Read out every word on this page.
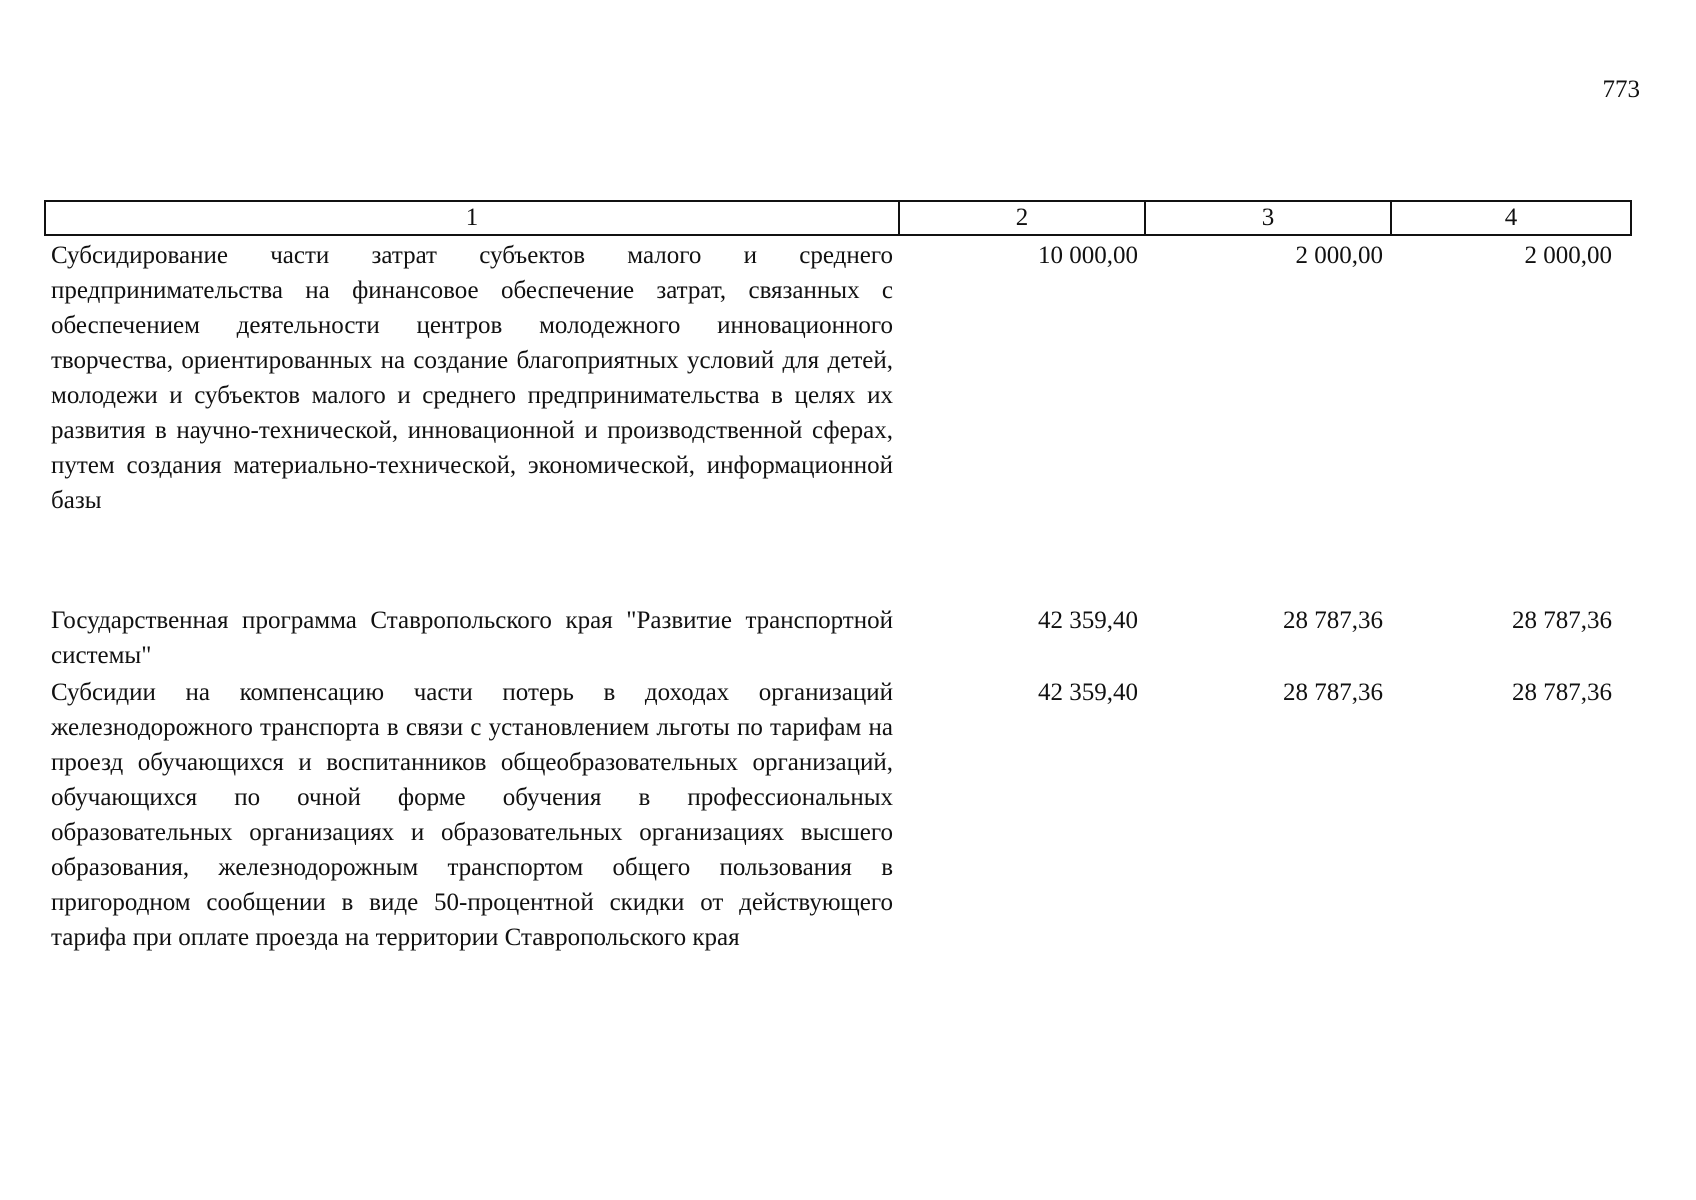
773
1	2	3	4
Субсидирование части затрат субъектов малого и среднего предпринимательства на финансовое обеспечение затрат, связанных с обеспечением деятельности центров молодежного инновационного творчества, ориентированных на создание благоприятных условий для детей, молодежи и субъектов малого и среднего предпринимательства в целях их развития в научно-технической, инновационной и производственной сферах, путем создания материально-технической, экономической, информационной базы
10 000,00	2 000,00	2 000,00
Государственная программа Ставропольского края "Развитие транспортной системы"
42 359,40	28 787,36	28 787,36
Субсидии на компенсацию части потерь в доходах организаций железнодорожного транспорта в связи с установлением льготы по тарифам на проезд обучающихся и воспитанников общеобразовательных организаций, обучающихся по очной форме обучения в профессиональных образовательных организациях и образовательных организациях высшего образования, железнодорожным транспортом общего пользования в пригородном сообщении в виде 50-процентной скидки от действующего тарифа при оплате проезда на территории Ставропольского края
42 359,40	28 787,36	28 787,36
